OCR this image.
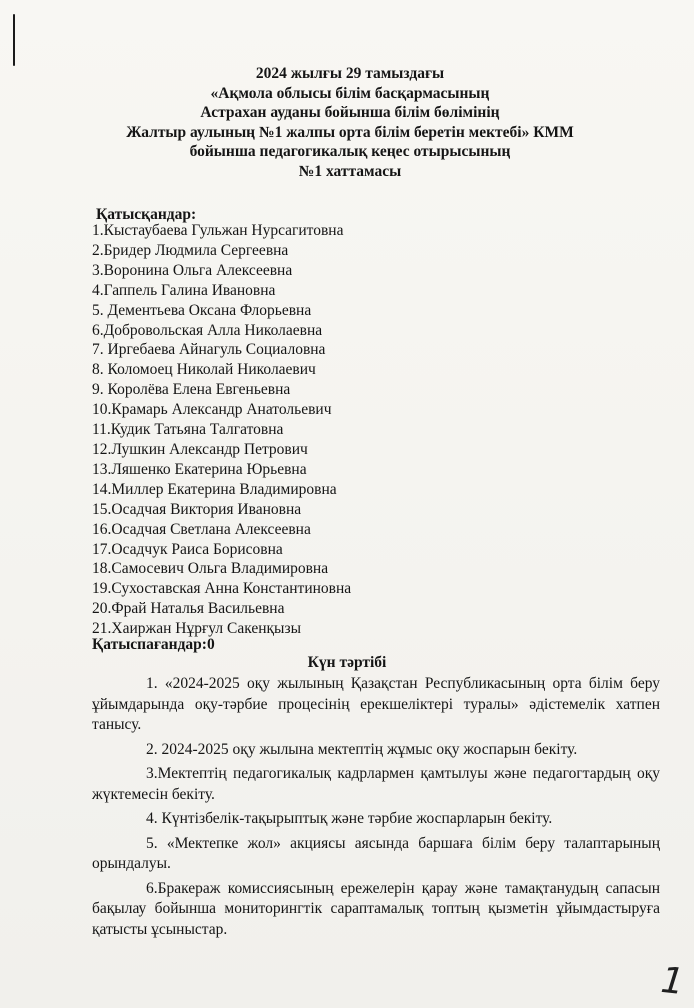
2024 жылғы 29 тамыздағы
«Ақмола облысы білім басқармасының
Астрахан ауданы бойынша білім бөлімінің
Жалтыр аулының №1 жалпы орта білім беретін мектебі» КММ
бойынша педагогикалық кеңес отырысының
№1 хаттамасы
Қатысқандар:
1.Кыстаубаева Гульжан Нурсагитовна
2.Бридер Людмила Сергеевна
3.Воронина Ольга Алексеевна
4.Гаппель Галина Ивановна
5. Дементьева Оксана Флорьевна
6.Добровольская Алла Николаевна
7. Иргебаева Айнагуль Социаловна
8. Коломоец Николай Николаевич
9. Королёва Елена Евгеньевна
10.Крамарь Александр Анатольевич
11.Кудик Татьяна Талгатовна
12.Лушкин Александр Петрович
13.Ляшенко Екатерина Юрьевна
14.Миллер Екатерина Владимировна
15.Осадчая Виктория Ивановна
16.Осадчая Светлана Алексеевна
17.Осадчук Раиса Борисовна
18.Самосевич Ольга Владимировна
19.Сухоставская Анна Константиновна
20.Фрай Наталья Васильевна
21.Хаиржан Нұрғул Сакенқызы
Қатыспағандар:0
Күн тәртібі

1. «2024-2025 оқу жылының Қазақстан Республикасының орта білім беру ұйымдарында оқу-тәрбие процесінің ерекшеліктері туралы» әдістемелік хатпен танысу.

2. 2024-2025 оқу жылына мектептің жұмыс оқу жоспарын бекіту.

3.Мектептің педагогикалық кадрлармен қамтылуы және педагогтардың оқу жүктемесін бекіту.

4. Күнтізбелік-тақырыптық және тәрбие жоспарларын бекіту.

5. «Мектепке жол» акциясы аясында баршаға білім беру талаптарының орындалуы.

6.Бракераж комиссиясының ережелерін қарау және тамақтанудың сапасын бақылау бойынша мониторингтік сараптамалық топтың қызметін ұйымдастыруға қатысты ұсыныстар.

1
